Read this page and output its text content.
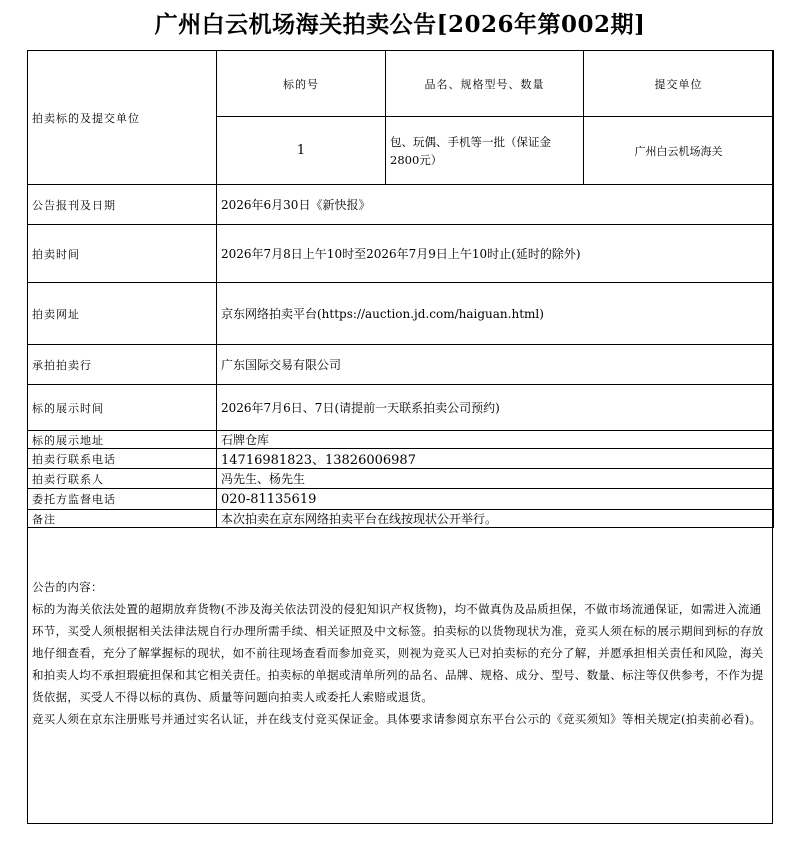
广州白云机场海关拍卖公告[2026年第002期]
拍卖标的及提交单位	标的号	品名、规格型号、数量	提交单位
	1	包、玩偶、手机等一批（保证金2800元）	广州白云机场海关
公告报刊及日期	2026年6月30日《新快报》		
拍卖时间	2026年7月8日上午10时至2026年7月9日上午10时止(延时的除外)		
拍卖网址	京东网络拍卖平台(https://auction.jd.com/haiguan.html)		
承拍拍卖行	广东国际交易有限公司		
标的展示时间	2026年7月6日、7日(请提前一天联系拍卖公司预约)		
标的展示地址	石牌仓库		
拍卖行联系电话	14716981823、13826006987		
拍卖行联系人	冯先生、杨先生		
委托方监督电话	020-81135619		
备注	本次拍卖在京东网络拍卖平台在线按现状公开举行。		

公告的内容：

标的为海关依法处置的超期放弃货物(不涉及海关依法罚没的侵犯知识产权货物)，均不做真伪及品质担保，不做市场流通保证，如需进入流通环节，买受人须根据相关法律法规自行办理所需手续、相关证照及中文标签。拍卖标的以货物现状为准，竞买人须在标的展示期间到标的存放地仔细查看，充分了解掌握标的现状，如不前往现场查看而参加竞买，则视为竞买人已对拍卖标的充分了解，并愿承担相关责任和风险，海关和拍卖人均不承担瑕疵担保和其它相关责任。拍卖标的单据或清单所列的品名、品牌、规格、成分、型号、数量、标注等仅供参考，不作为提货依据，买受人不得以标的真伪、质量等问题向拍卖人或委托人索赔或退货。

竞买人须在京东注册账号并通过实名认证，并在线支付竞买保证金。具体要求请参阅京东平台公示的《竞买须知》等相关规定(拍卖前必看)。
